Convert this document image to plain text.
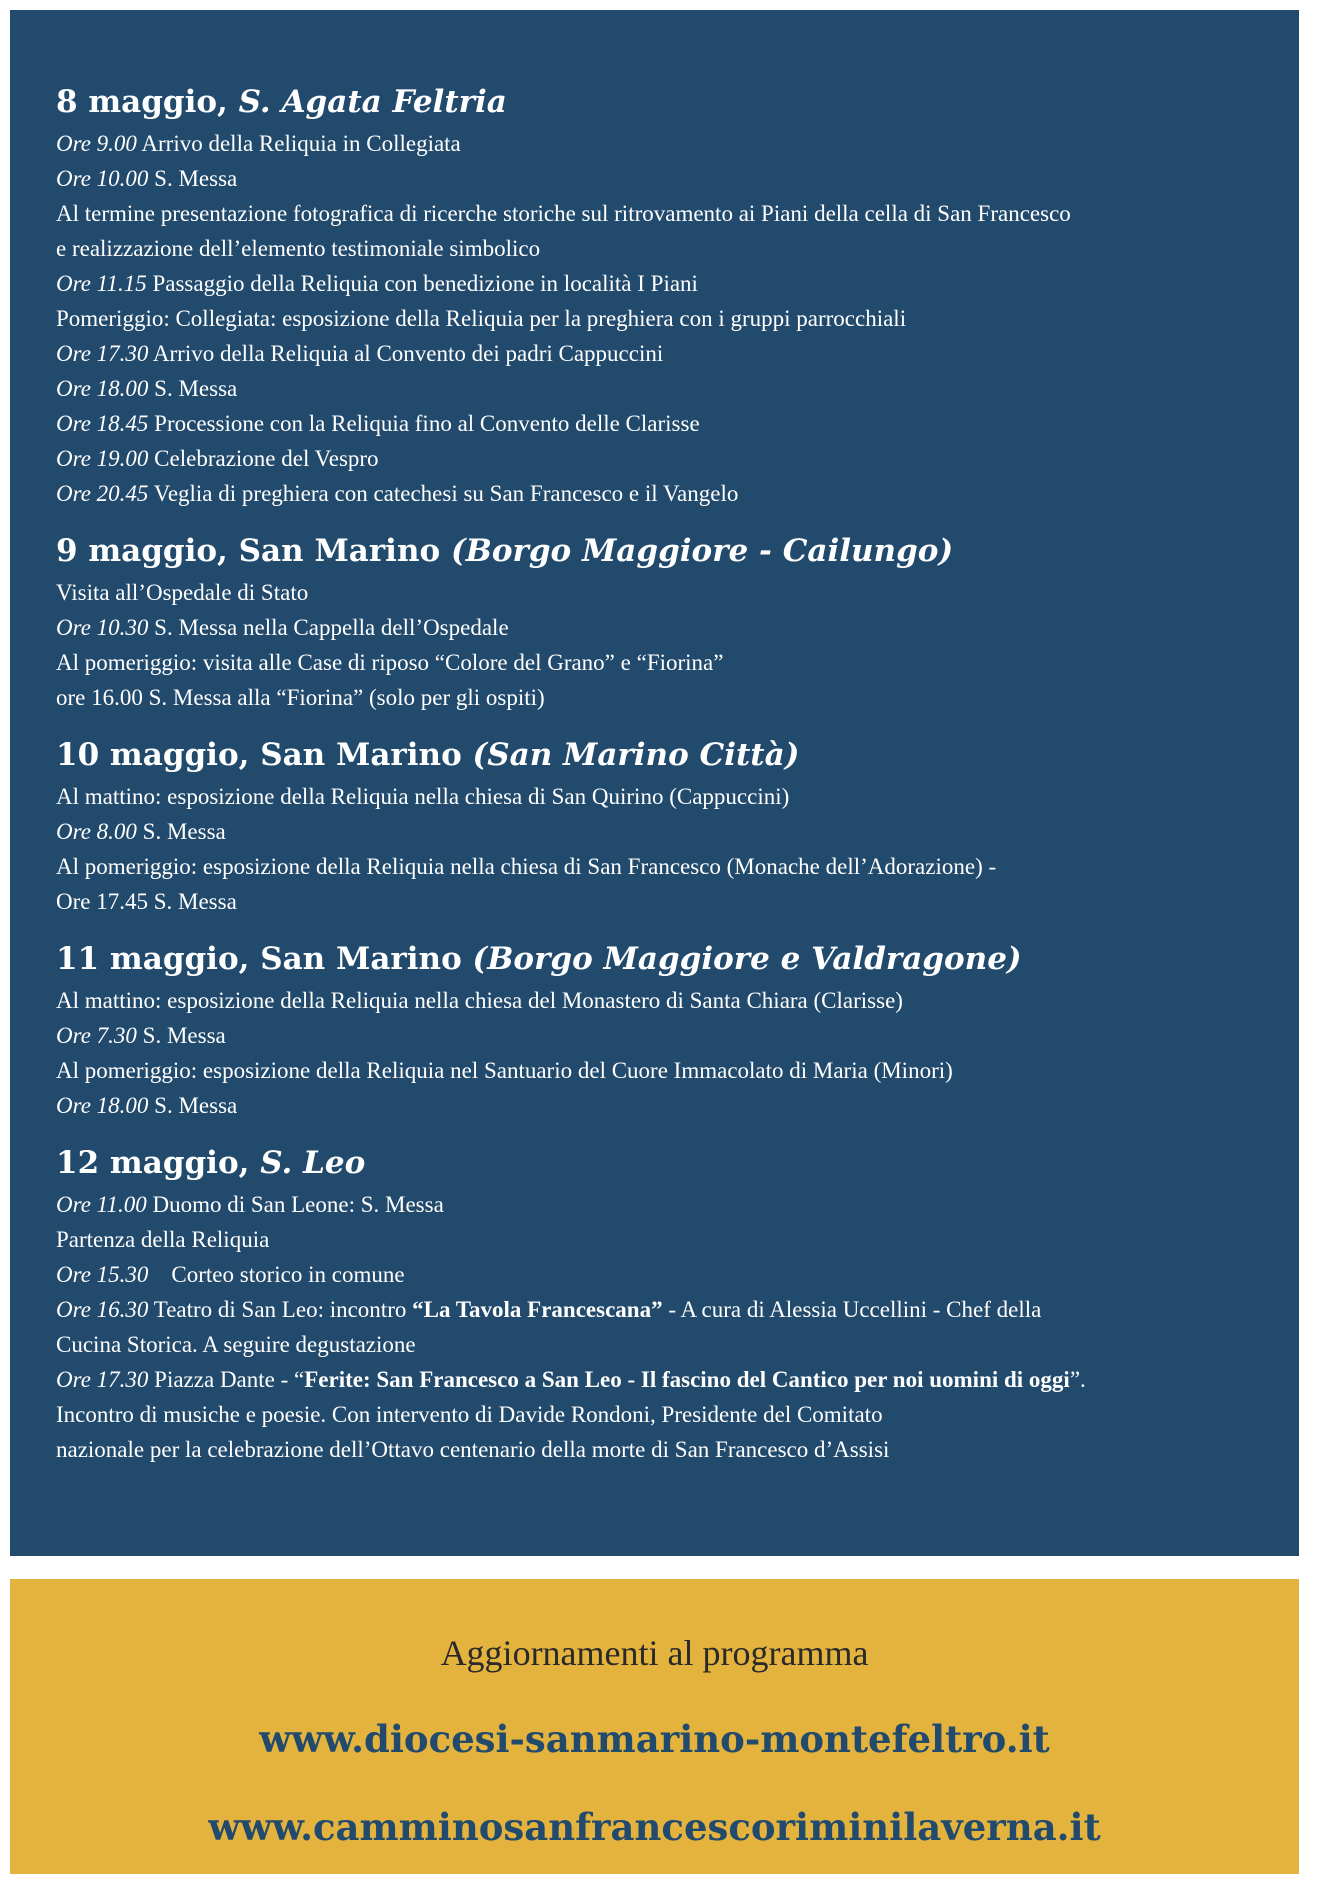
8 maggio, S. Agata Feltria
Ore 9.00 Arrivo della Reliquia in Collegiata
Ore 10.00 S. Messa
Al termine presentazione fotografica di ricerche storiche sul ritrovamento ai Piani della cella di San Francesco
e realizzazione dell’elemento testimoniale simbolico
Ore 11.15 Passaggio della Reliquia con benedizione in località I Piani
Pomeriggio: Collegiata: esposizione della Reliquia per la preghiera con i gruppi parrocchiali
Ore 17.30 Arrivo della Reliquia al Convento dei padri Cappuccini
Ore 18.00 S. Messa
Ore 18.45 Processione con la Reliquia fino al Convento delle Clarisse
Ore 19.00 Celebrazione del Vespro
Ore 20.45 Veglia di preghiera con catechesi su San Francesco e il Vangelo
9 maggio, San Marino (Borgo Maggiore - Cailungo)
Visita all’Ospedale di Stato
Ore 10.30 S. Messa nella Cappella dell’Ospedale
Al pomeriggio: visita alle Case di riposo “Colore del Grano” e “Fiorina”
ore 16.00 S. Messa alla “Fiorina” (solo per gli ospiti)
10 maggio, San Marino (San Marino Città)
Al mattino: esposizione della Reliquia nella chiesa di San Quirino (Cappuccini)
Ore 8.00 S. Messa
Al pomeriggio: esposizione della Reliquia nella chiesa di San Francesco (Monache dell’Adorazione) -
Ore 17.45 S. Messa
11 maggio, San Marino (Borgo Maggiore e Valdragone)
Al mattino: esposizione della Reliquia nella chiesa del Monastero di Santa Chiara (Clarisse)
Ore 7.30 S. Messa
Al pomeriggio: esposizione della Reliquia nel Santuario del Cuore Immacolato di Maria (Minori)
Ore 18.00 S. Messa
12 maggio, S. Leo
Ore 11.00 Duomo di San Leone: S. Messa
Partenza della Reliquia
Ore 15.30    Corteo storico in comune
Ore 16.30 Teatro di San Leo: incontro “La Tavola Francescana” - A cura di Alessia Uccellini - Chef della
Cucina Storica. A seguire degustazione
Ore 17.30 Piazza Dante - “Ferite: San Francesco a San Leo - Il fascino del Cantico per noi uomini di oggi”.
Incontro di musiche e poesie. Con intervento di Davide Rondoni, Presidente del Comitato
nazionale per la celebrazione dell’Ottavo centenario della morte di San Francesco d’Assisi
Aggiornamenti al programma
www.diocesi-sanmarino-montefeltro.it
www.camminosanfrancescoriminilaverna.it
